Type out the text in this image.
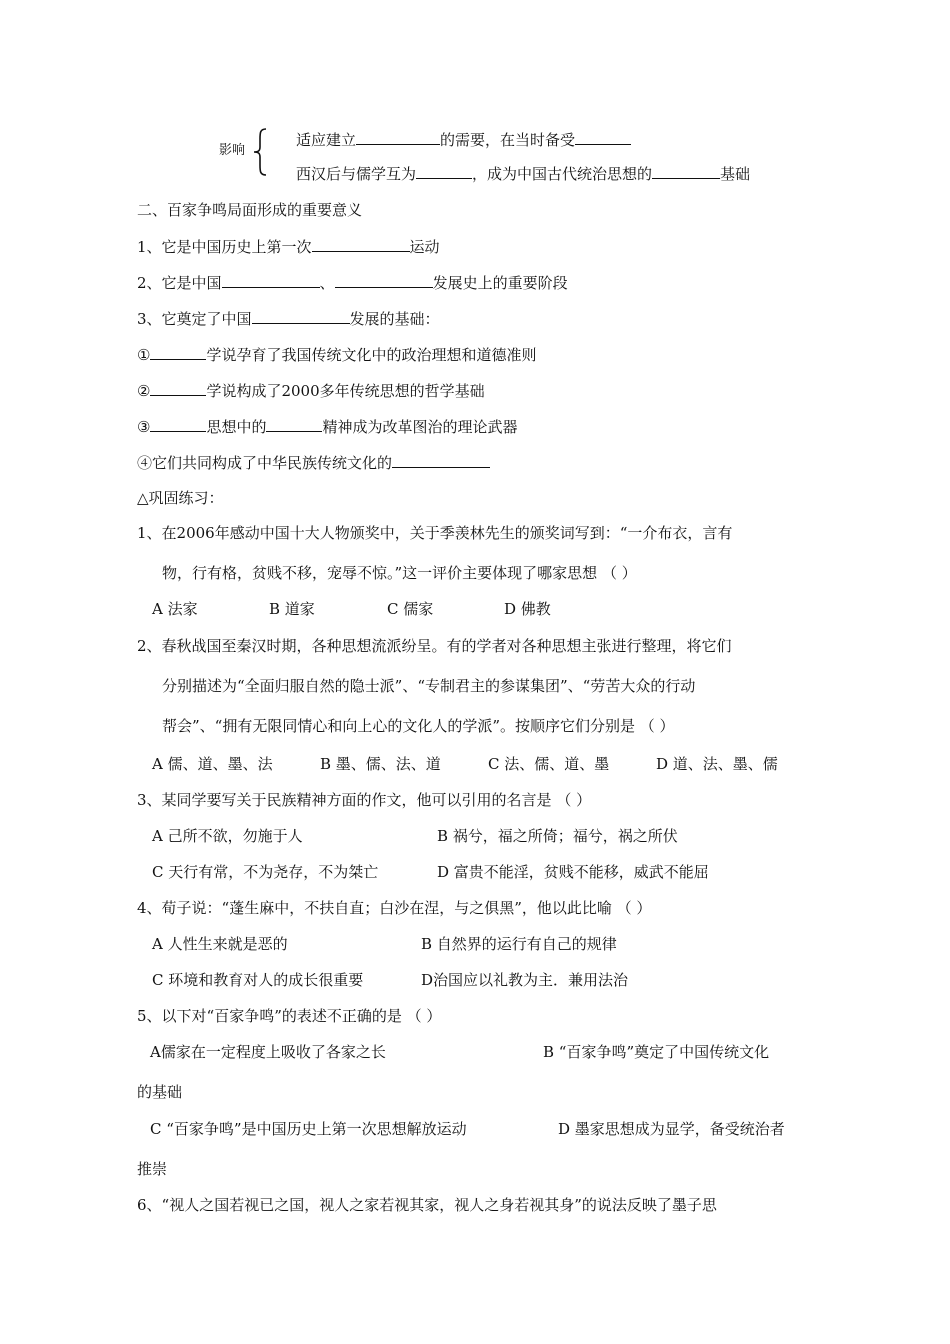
影响
适应建立	的需要，在当时备受
西汉后与儒学互为	，成为中国古代统治思想的	基础
二、百家争鸣局面形成的重要意义
1、它是中国历史上第一次	运动
2、它是中国	、	发展史上的重要阶段
3、它奠定了中国	发展的基础：
①	学说孕育了我国传统文化中的政治理想和道德准则
②	学说构成了2000多年传统思想的哲学基础
③	思想中的	精神成为改革图治的理论武器
④它们共同构成了中华民族传统文化的
△巩固练习：
1、在2006年感动中国十大人物颁奖中，关于季羡林先生的颁奖词写到：“一介布衣，言有
物，行有格，贫贱不移，宠辱不惊。”这一评价主要体现了哪家思想 （ ）
A 法家	B 道家	C 儒家	D 佛教
2、春秋战国至秦汉时期，各种思想流派纷呈。有的学者对各种思想主张进行整理，将它们
分别描述为“全面归服自然的隐士派”、“专制君主的参谋集团”、“劳苦大众的行动
帮会”、“拥有无限同情心和向上心的文化人的学派”。按顺序它们分别是 （ ）
A 儒、道、墨、法	B 墨、儒、法、道	C 法、儒、道、墨	D 道、法、墨、儒
3、某同学要写关于民族精神方面的作文，他可以引用的名言是 （ ）
A 己所不欲，勿施于人	B 祸兮，福之所倚；福兮，祸之所伏
C 天行有常，不为尧存，不为桀亡	D 富贵不能淫，贫贱不能移，威武不能屈
4、荀子说：“蓬生麻中，不扶自直；白沙在涅，与之俱黑”，他以此比喻 （ ）
A 人性生来就是恶的	B 自然界的运行有自己的规律
C 环境和教育对人的成长很重要	D治国应以礼教为主．兼用法治
5、以下对“百家争鸣”的表述不正确的是 （ ）
A儒家在一定程度上吸收了各家之长	B “百家争鸣”奠定了中国传统文化
的基础
C “百家争鸣”是中国历史上第一次思想解放运动	D 墨家思想成为显学，备受统治者
推崇
6、“视人之国若视已之国，视人之家若视其家，视人之身若视其身”的说法反映了墨子思
